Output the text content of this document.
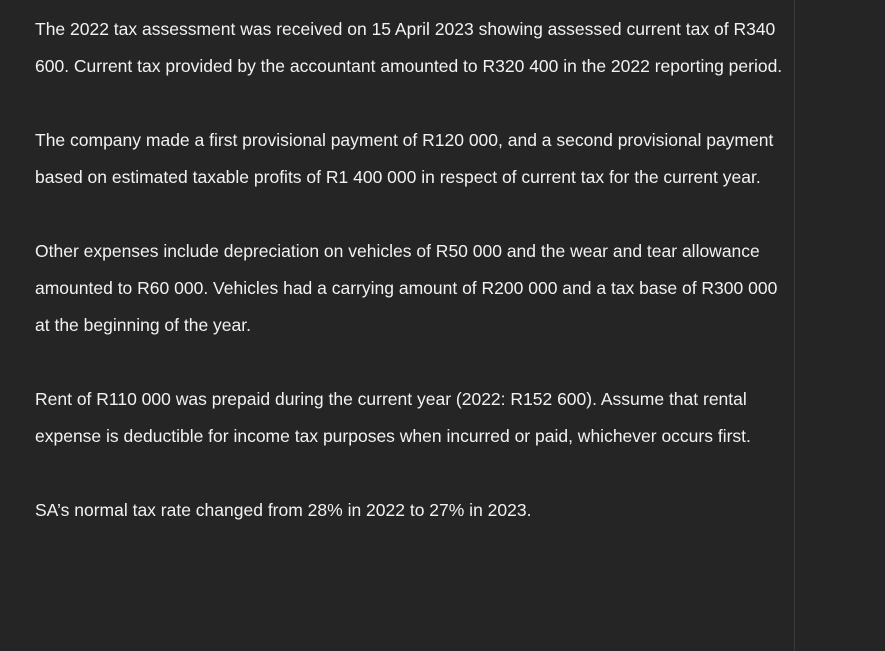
The 2022 tax assessment was received on 15 April 2023 showing assessed current tax of R340 600. Current tax provided by the accountant amounted to R320 400 in the 2022 reporting period.

The company made a first provisional payment of R120 000, and a second provisional payment based on estimated taxable profits of R1 400 000 in respect of current tax for the current year.

Other expenses include depreciation on vehicles of R50 000 and the wear and tear allowance amounted to R60 000. Vehicles had a carrying amount of R200 000 and a tax base of R300 000 at the beginning of the year.

Rent of R110 000 was prepaid during the current year (2022: R152 600). Assume that rental expense is deductible for income tax purposes when incurred or paid, whichever occurs first.

SA’s normal tax rate changed from 28% in 2022 to 27% in 2023.
